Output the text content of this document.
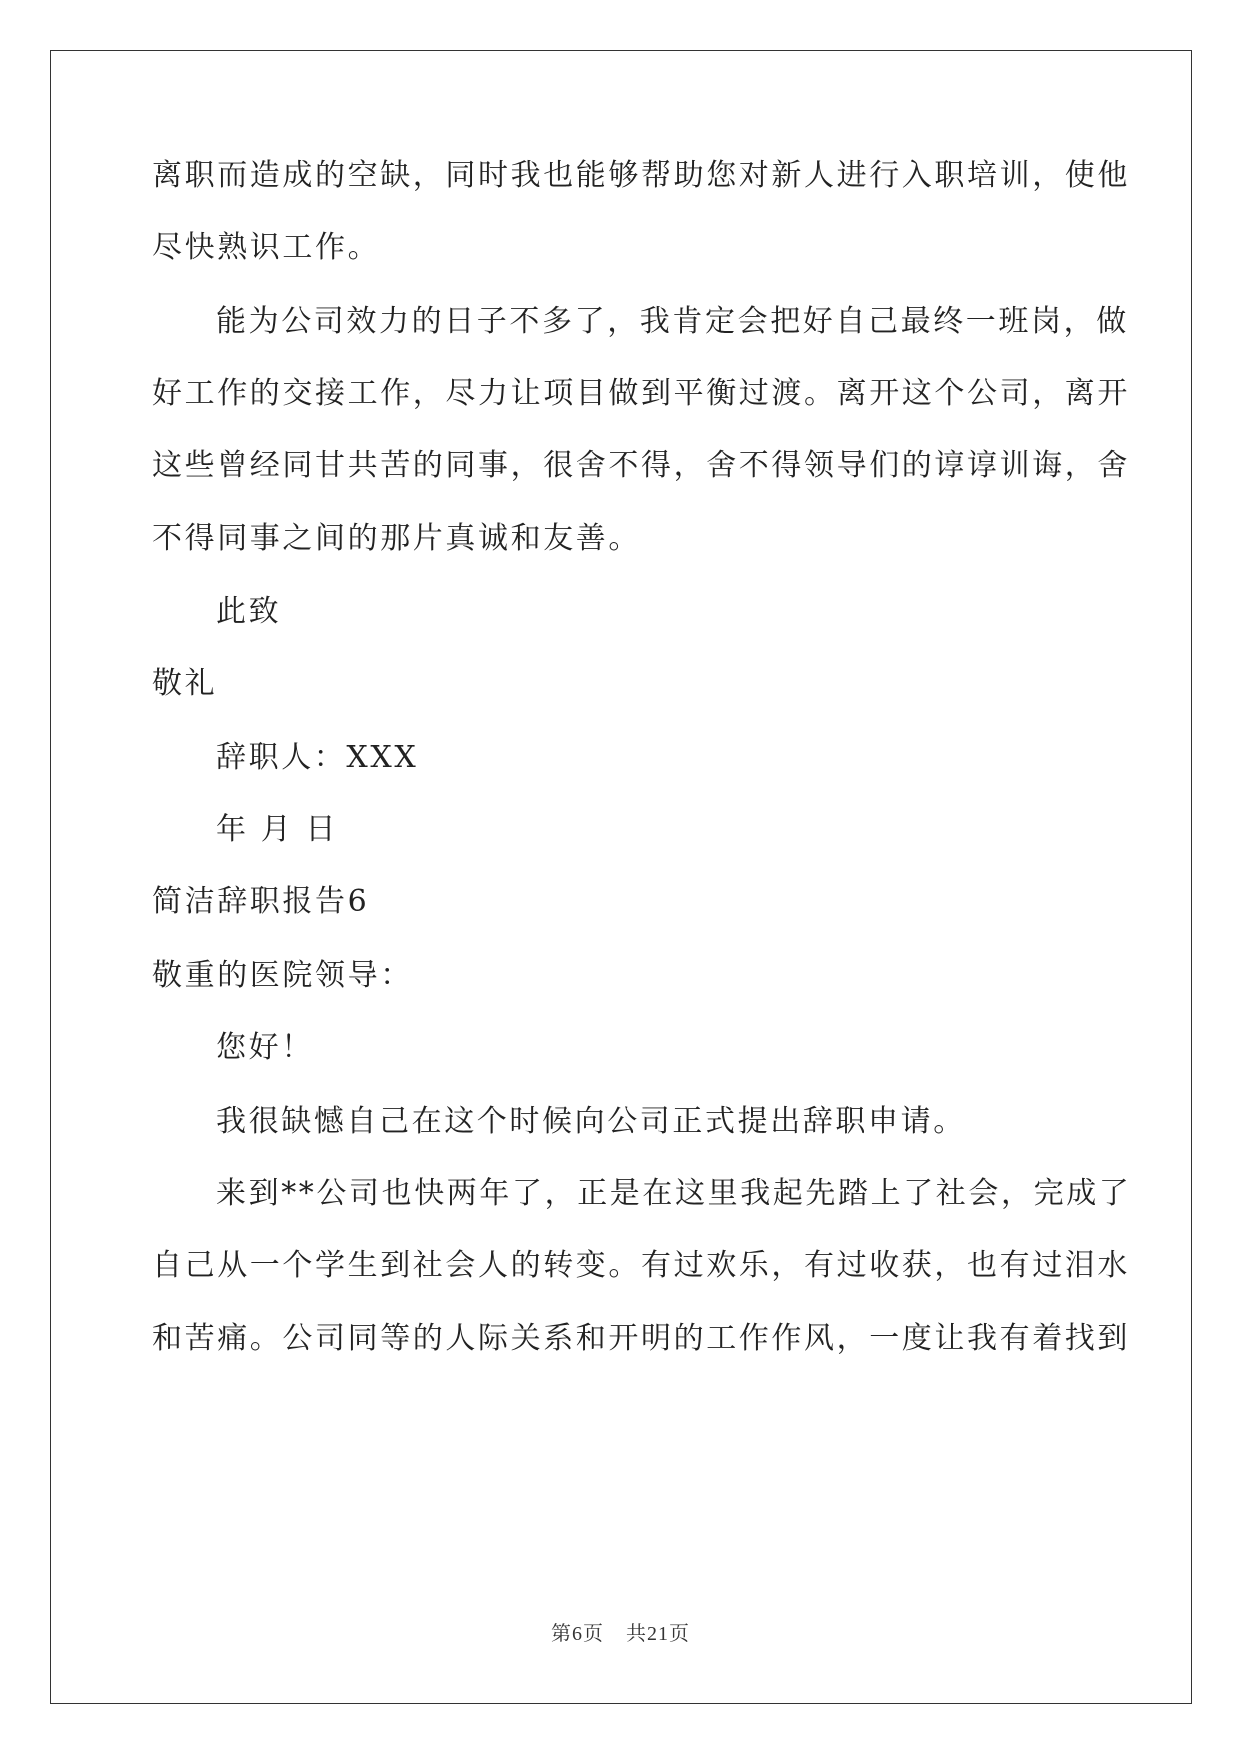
离职而造成的空缺，同时我也能够帮助您对新人进行入职培训，使他
尽快熟识工作。
能为公司效力的日子不多了，我肯定会把好自己最终一班岗，做
好工作的交接工作，尽力让项目做到平衡过渡。离开这个公司，离开
这些曾经同甘共苦的同事，很舍不得，舍不得领导们的谆谆训诲，舍
不得同事之间的那片真诚和友善。
此致
敬礼
辞职人：XXX
年 月 日
简洁辞职报告6
敬重的医院领导：
您好！
我很缺憾自己在这个时候向公司正式提出辞职申请。
来到**公司也快两年了，正是在这里我起先踏上了社会，完成了
自己从一个学生到社会人的转变。有过欢乐，有过收获，也有过泪水
和苦痛。公司同等的人际关系和开明的工作作风，一度让我有着找到
第6页 共21页
